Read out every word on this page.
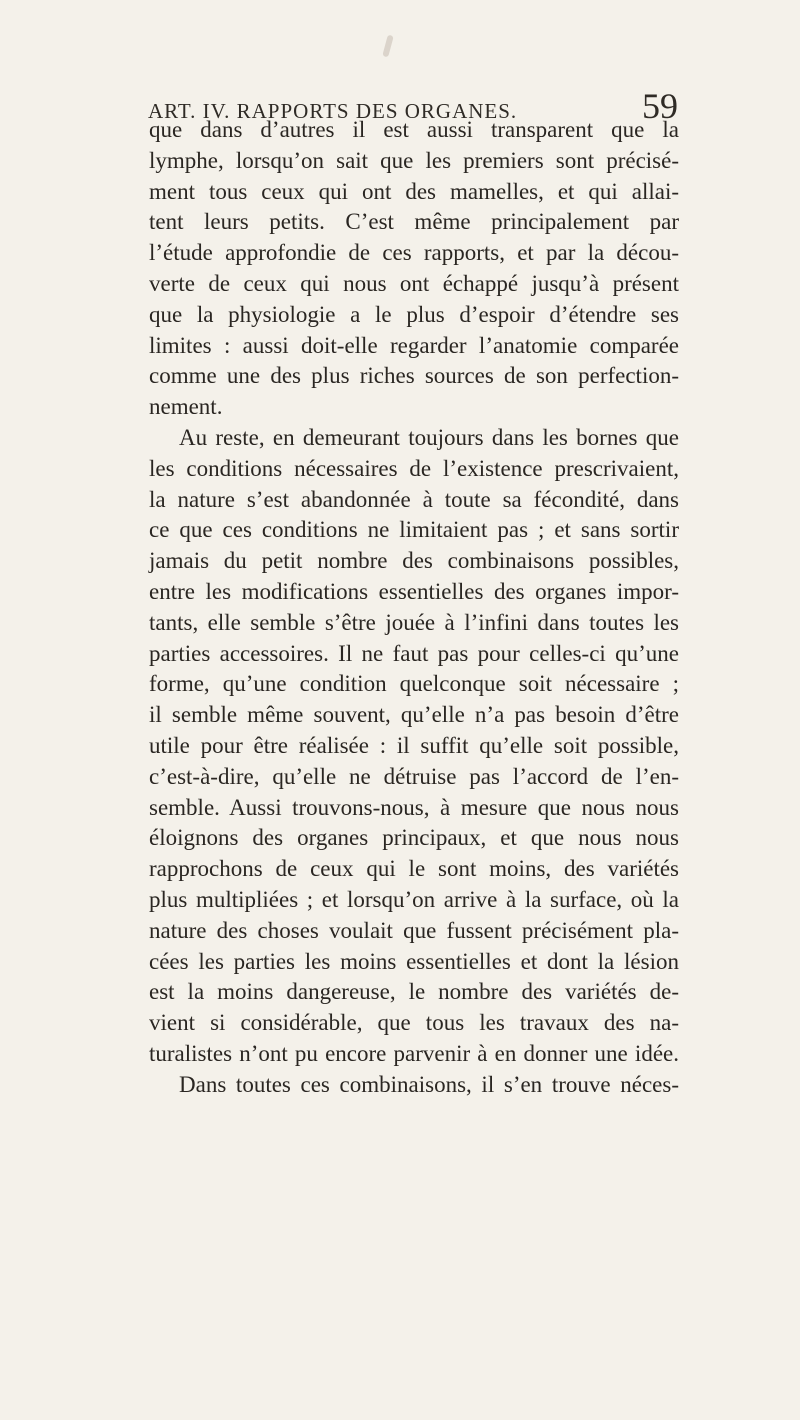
ART. IV. RAPPORTS DES ORGANES.	59
que dans d’autres il est aussi transparent que la
lymphe, lorsqu’on sait que les premiers sont précisé-
ment tous ceux qui ont des mamelles, et qui allai-
tent leurs petits. C’est même principalement par
l’étude approfondie de ces rapports, et par la décou-
verte de ceux qui nous ont échappé jusqu’à présent
que la physiologie a le plus d’espoir d’étendre ses
limites : aussi doit-elle regarder l’anatomie comparée
comme une des plus riches sources de son perfection-
nement.
Au reste, en demeurant toujours dans les bornes que
les conditions nécessaires de l’existence prescrivaient,
la nature s’est abandonnée à toute sa fécondité, dans
ce que ces conditions ne limitaient pas ; et sans sortir
jamais du petit nombre des combinaisons possibles,
entre les modifications essentielles des organes impor-
tants, elle semble s’être jouée à l’infini dans toutes les
parties accessoires. Il ne faut pas pour celles-ci qu’une
forme, qu’une condition quelconque soit nécessaire ;
il semble même souvent, qu’elle n’a pas besoin d’être
utile pour être réalisée : il suffit qu’elle soit possible,
c’est-à-dire, qu’elle ne détruise pas l’accord de l’en-
semble. Aussi trouvons-nous, à mesure que nous nous
éloignons des organes principaux, et que nous nous
rapprochons de ceux qui le sont moins, des variétés
plus multipliées ; et lorsqu’on arrive à la surface, où la
nature des choses voulait que fussent précisément pla-
cées les parties les moins essentielles et dont la lésion
est la moins dangereuse, le nombre des variétés de-
vient si considérable, que tous les travaux des na-
turalistes n’ont pu encore parvenir à en donner une idée.
Dans toutes ces combinaisons, il s’en trouve néces-
